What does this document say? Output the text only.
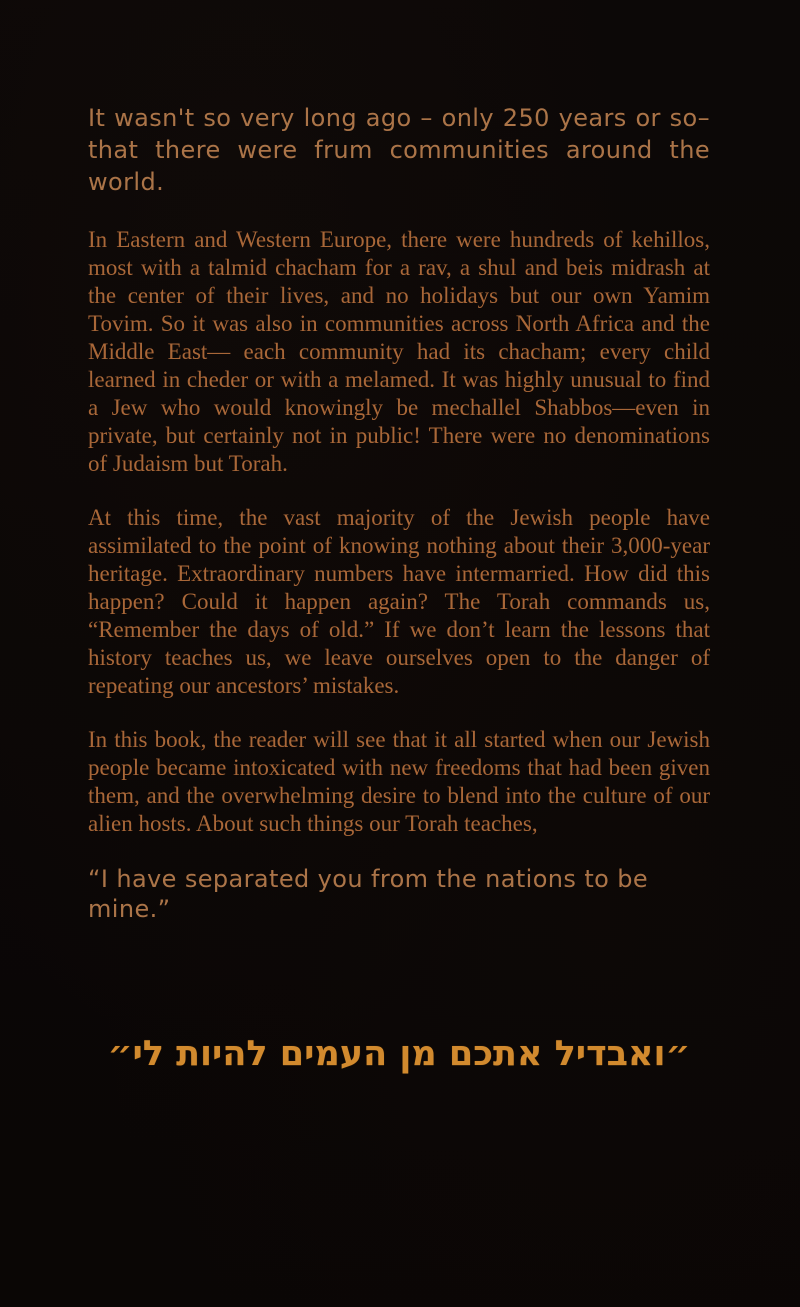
It wasn't so very long ago – only 250 years or so–that there were frum communities around the world.

In Eastern and Western Europe, there were hundreds of kehillos, most with a talmid chacham for a rav, a shul and beis midrash at the center of their lives, and no holidays but our own Yamim Tovim. So it was also in communities across North Africa and the Middle East— each community had its chacham; every child learned in cheder or with a melamed. It was highly unusual to find a Jew who would knowingly be mechallel Shabbos—even in private, but certainly not in public! There were no denominations of Judaism but Torah.

At this time, the vast majority of the Jewish people have assimilated to the point of knowing nothing about their 3,000-year heritage. Extraordinary numbers have intermarried. How did this happen? Could it happen again? The Torah commands us, “Remember the days of old.” If we don’t learn the lessons that history teaches us, we leave ourselves open to the danger of repeating our ancestors’ mistakes.

In this book, the reader will see that it all started when our Jewish people became intoxicated with new freedoms that had been given them, and the overwhelming desire to blend into the culture of our alien hosts. About such things our Torah teaches,

“I have separated you from the nations to be mine.”

״ואבדיל אתכם מן העמים להיות לי״
